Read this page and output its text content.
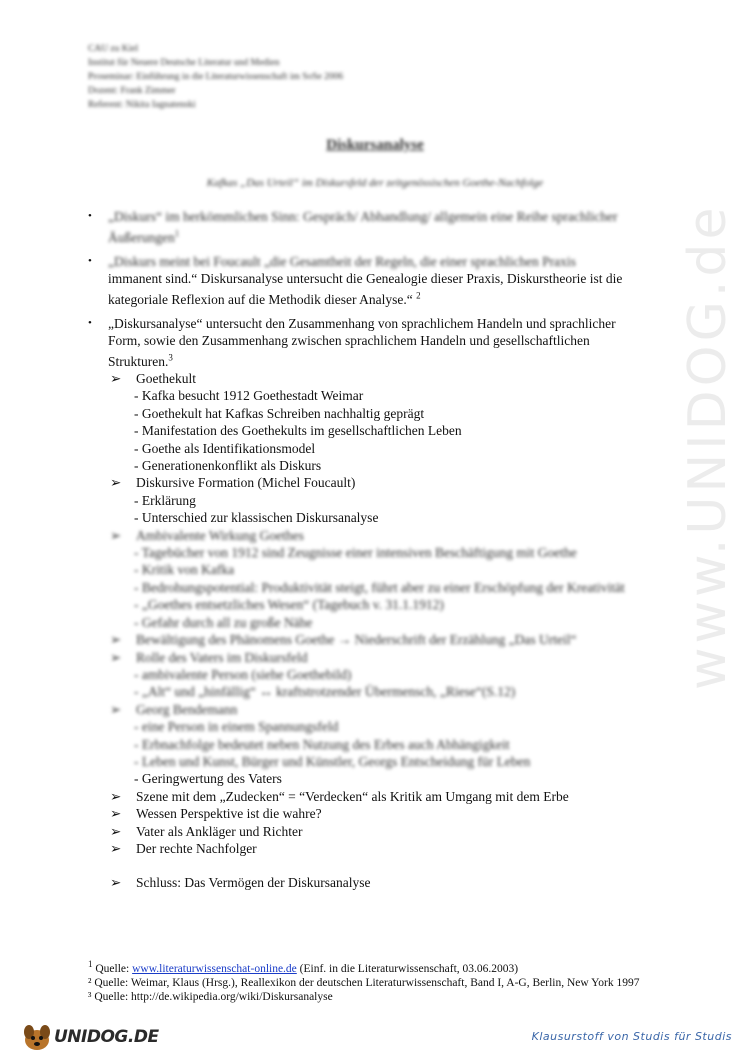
CAU zu Kiel
Institut für Neuere Deutsche Literatur und Medien
Proseminar: Einführung in die Literaturwissenschaft im SoSe 2006
Dozent: Frank Zimmer
Referent: Nikita Iagnatenski
Diskursanalyse
Kafkas „Das Urteil“ im Diskursfeld der zeitgenössischen Goethe-Nachfolge
• „Diskurs“ im herkömmlichen Sinn: Gespräch/ Abhandlung/ allgemein eine Reihe sprachlicher Äußerungen$^1$
• „Diskurs meint bei Foucault „die Gesamtheit der Regeln, die einer sprachlichen Praxis
immanent sind.“ Diskursanalyse untersucht die Genealogie dieser Praxis, Diskurstheorie ist die kategoriale Reflexion auf die Methodik dieser Analyse.“ $^2$
• „Diskursanalyse“ untersucht den Zusammenhang von sprachlichem Handeln und sprachlicher Form, sowie den Zusammenhang zwischen sprachlichem Handeln und gesellschaftlichen Strukturen.$^3$
➢ Goethekult
- Kafka besucht 1912 Goethestadt Weimar
- Goethekult hat Kafkas Schreiben nachhaltig geprägt
- Manifestation des Goethekults im gesellschaftlichen Leben
- Goethe als Identifikationsmodel
- Generationenkonflikt als Diskurs
➢ Diskursive Formation (Michel Foucault)
- Erklärung
- Unterschied zur klassischen Diskursanalyse
➢ Ambivalente Wirkung Goethes
- Tagebücher von 1912 sind Zeugnisse einer intensiven Beschäftigung mit Goethe
- Kritik von Kafka
- Bedrohungspotential: Produktivität steigt, führt aber zu einer Erschöpfung der Kreativität
- „Goethes entsetzliches Wesen“ (Tagebuch v. 31.1.1912)
- Gefahr durch all zu große Nähe
➢ Bewältigung des Phänomens Goethe → Niederschrift der Erzählung „Das Urteil“
➢ Rolle des Vaters im Diskursfeld
- ambivalente Person (siehe Goethebild)
- „Alt“ und „hinfällig“ ↔ kraftstrotzender Übermensch, „Riese“(S.12)
➢ Georg Bendemann
- eine Person in einem Spannungsfeld
- Erbnachfolge bedeutet neben Nutzung des Erbes auch Abhängigkeit
- Leben und Kunst, Bürger und Künstler, Georgs Entscheidung für Leben
- Geringwertung des Vaters
➢ Szene mit dem „Zudecken“ = “Verdecken“ als Kritik am Umgang mit dem Erbe
➢ Wessen Perspektive ist die wahre?
➢ Vater als Ankläger und Richter
➢ Der rechte Nachfolger
➢ Schluss: Das Vermögen der Diskursanalyse
www.UNIDOG.de
$^1$ Quelle: www.literaturwissenschat-online.de (Einf. in die Literaturwissenschaft, 03.06.2003)
² Quelle: Weimar, Klaus (Hrsg.), Reallexikon der deutschen Literaturwissenschaft, Band I, A-G, Berlin, New York 1997
³ Quelle: http://de.wikipedia.org/wiki/Diskursanalyse
UNIDOG.DE	Klausurstoff von Studis für Studis
